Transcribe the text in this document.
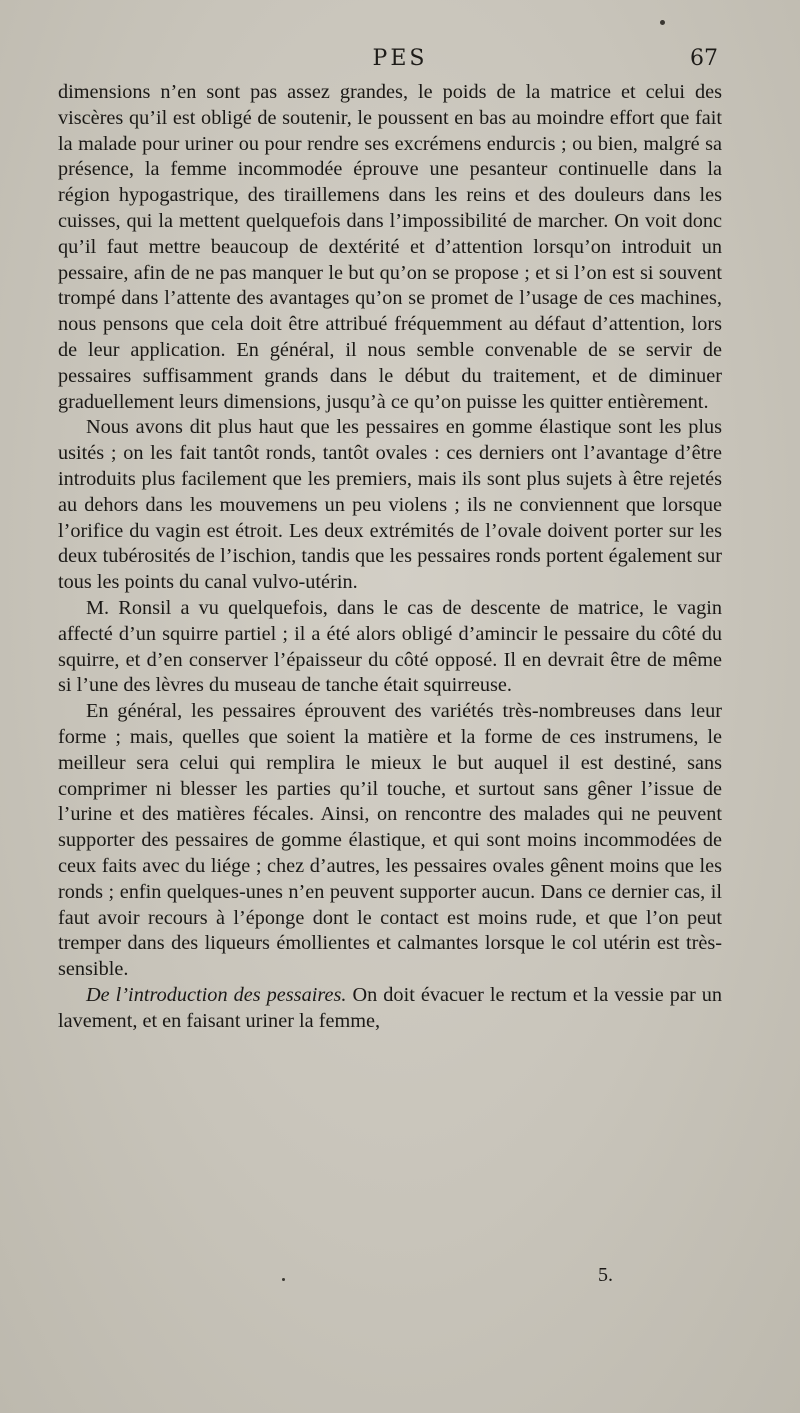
PES	67

dimensions n’en sont pas assez grandes, le poids de la matrice et celui des viscères qu’il est obligé de soutenir, le poussent en bas au moindre effort que fait la malade pour uriner ou pour rendre ses excrémens endurcis ; ou bien, malgré sa présence, la femme incommodée éprouve une pesanteur continuelle dans la région hypogastrique, des tiraillemens dans les reins et des douleurs dans les cuisses, qui la mettent quelquefois dans l’impossibilité de marcher. On voit donc qu’il faut mettre beaucoup de dextérité et d’attention lorsqu’on introduit un pessaire, afin de ne pas manquer le but qu’on se propose ; et si l’on est si souvent trompé dans l’attente des avantages qu’on se promet de l’usage de ces machines, nous pensons que cela doit être attribué fréquemment au défaut d’attention, lors de leur application. En général, il nous semble convenable de se servir de pessaires suffisamment grands dans le début du traitement, et de diminuer graduellement leurs dimensions, jusqu’à ce qu’on puisse les quitter entièrement.

Nous avons dit plus haut que les pessaires en gomme élastique sont les plus usités ; on les fait tantôt ronds, tantôt ovales : ces derniers ont l’avantage d’être introduits plus facilement que les premiers, mais ils sont plus sujets à être rejetés au dehors dans les mouvemens un peu violens ; ils ne conviennent que lorsque l’orifice du vagin est étroit. Les deux extrémités de l’ovale doivent porter sur les deux tubérosités de l’ischion, tandis que les pessaires ronds portent également sur tous les points du canal vulvo-utérin.

M. Ronsil a vu quelquefois, dans le cas de descente de matrice, le vagin affecté d’un squirre partiel ; il a été alors obligé d’amincir le pessaire du côté du squirre, et d’en conserver l’épaisseur du côté opposé. Il en devrait être de même si l’une des lèvres du museau de tanche était squirreuse.

En général, les pessaires éprouvent des variétés très-nombreuses dans leur forme ; mais, quelles que soient la matière et la forme de ces instrumens, le meilleur sera celui qui remplira le mieux le but auquel il est destiné, sans comprimer ni blesser les parties qu’il touche, et surtout sans gêner l’issue de l’urine et des matières fécales. Ainsi, on rencontre des malades qui ne peuvent supporter des pessaires de gomme élastique, et qui sont moins incommodées de ceux faits avec du liége ; chez d’autres, les pessaires ovales gênent moins que les ronds ; enfin quelques-unes n’en peuvent supporter aucun. Dans ce dernier cas, il faut avoir recours à l’éponge dont le contact est moins rude, et que l’on peut tremper dans des liqueurs émollientes et calmantes lorsque le col utérin est très-sensible.

De l’introduction des pessaires. On doit évacuer le rectum et la vessie par un lavement, et en faisant uriner la femme,

5.
